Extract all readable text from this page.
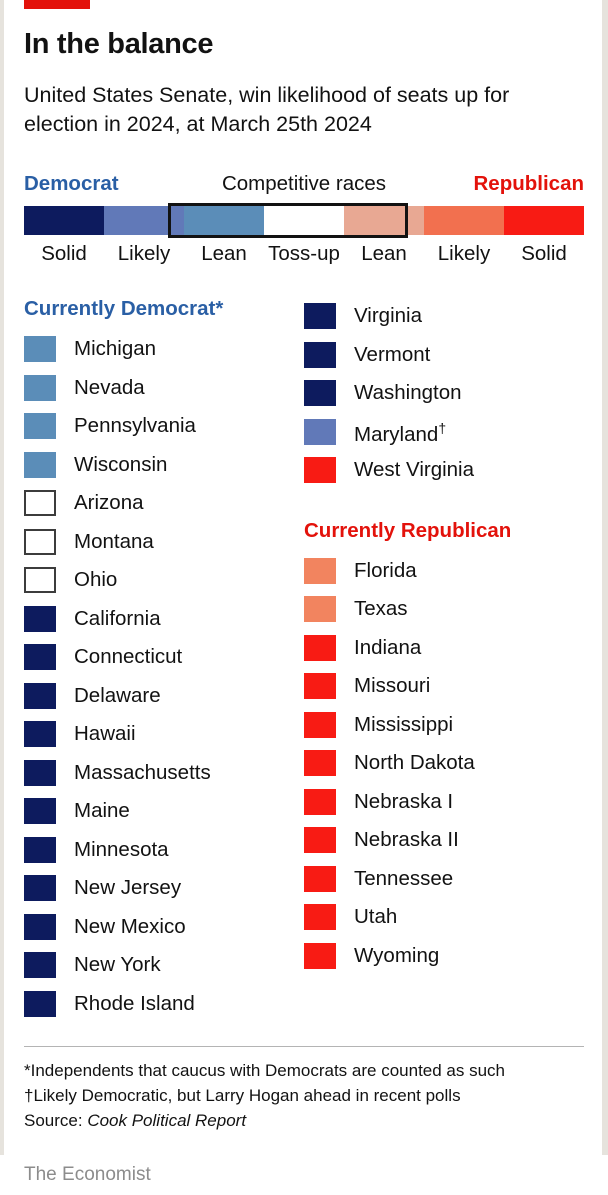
In the balance
United States Senate, win likelihood of seats up for election in 2024, at March 25th 2024
Democrat	Competitive races	Republican
Solid	Likely	Lean	Toss-up	Lean	Likely	Solid
Currently Democrat*
Michigan
Nevada
Pennsylvania
Wisconsin
Arizona
Montana
Ohio
California
Connecticut
Delaware
Hawaii
Massachusetts
Maine
Minnesota
New Jersey
New Mexico
New York
Rhode Island
Virginia
Vermont
Washington
Maryland†
West Virginia
Currently Republican
Florida
Texas
Indiana
Missouri
Mississippi
North Dakota
Nebraska I
Nebraska II
Tennessee
Utah
Wyoming
*Independents that caucus with Democrats are counted as such
†Likely Democratic, but Larry Hogan ahead in recent polls
Source: Cook Political Report
The Economist
